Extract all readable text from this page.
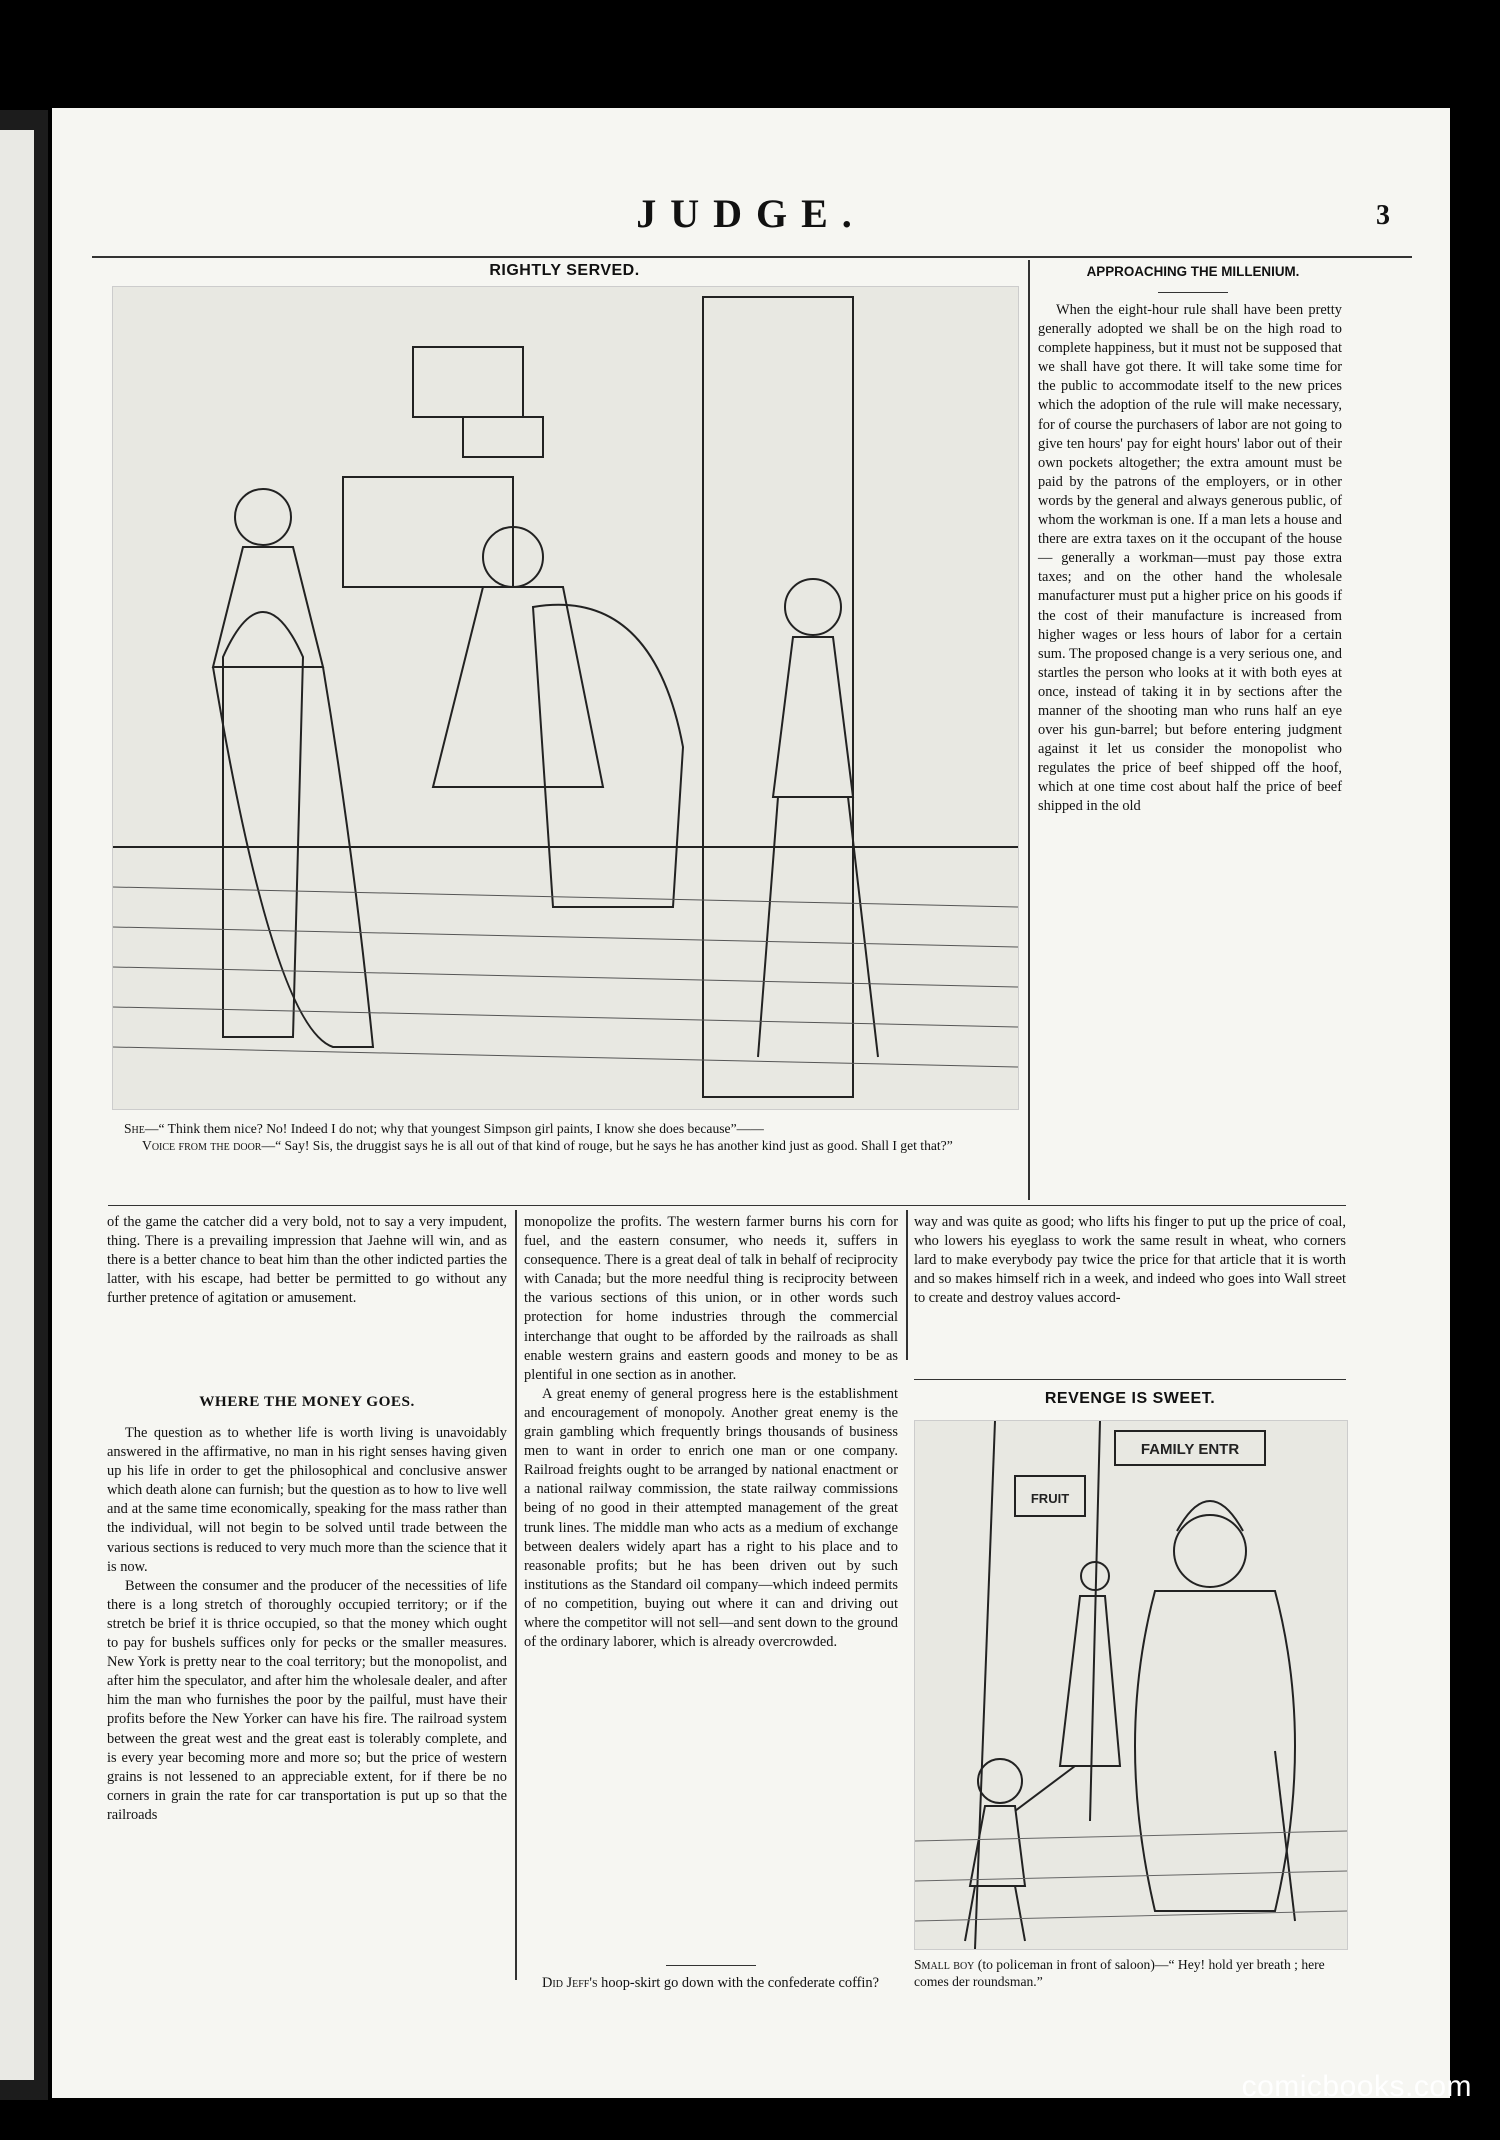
JUDGE.	3
RIGHTLY SERVED.

She—“ Think them nice? No! Indeed I do not; why that youngest Simpson girl paints, I know she does because”——

Voice from the door—“ Say! Sis, the druggist says he is all out of that kind of rouge, but he says he has another kind just as good. Shall I get that?”

APPROACHING THE MILLENIUM.

When the eight-hour rule shall have been pretty generally adopted we shall be on the high road to complete happiness, but it must not be supposed that we shall have got there. It will take some time for the public to accommodate itself to the new prices which the adoption of the rule will make necessary, for of course the purchasers of labor are not going to give ten hours' pay for eight hours' labor out of their own pockets altogether; the extra amount must be paid by the patrons of the employers, or in other words by the general and always generous public, of whom the workman is one. If a man lets a house and there are extra taxes on it the occupant of the house — generally a workman—must pay those extra taxes; and on the other hand the wholesale manufacturer must put a higher price on his goods if the cost of their manufacture is increased from higher wages or less hours of labor for a certain sum. The proposed change is a very serious one, and startles the person who looks at it with both eyes at once, instead of taking it in by sections after the manner of the shooting man who runs half an eye over his gun-barrel; but before entering judgment against it let us consider the monopolist who regulates the price of beef shipped off the hoof, which at one time cost about half the price of beef shipped in the old

of the game the catcher did a very bold, not to say a very impudent, thing. There is a prevailing impression that Jaehne will win, and as there is a better chance to beat him than the other indicted parties the latter, with his escape, had better be permitted to go without any further pretence of agitation or amusement.

WHERE THE MONEY GOES.

The question as to whether life is worth living is unavoidably answered in the affirmative, no man in his right senses having given up his life in order to get the philosophical and conclusive answer which death alone can furnish; but the question as to how to live well and at the same time economically, speaking for the mass rather than the individual, will not begin to be solved until trade between the various sections is reduced to very much more than the science that it is now.

Between the consumer and the producer of the necessities of life there is a long stretch of thoroughly occupied territory; or if the stretch be brief it is thrice occupied, so that the money which ought to pay for bushels suffices only for pecks or the smaller measures. New York is pretty near to the coal territory; but the monopolist, and after him the speculator, and after him the wholesale dealer, and after him the man who furnishes the poor by the pailful, must have their profits before the New Yorker can have his fire. The railroad system between the great west and the great east is tolerably complete, and is every year becoming more and more so; but the price of western grains is not lessened to an appreciable extent, for if there be no corners in grain the rate for car transportation is put up so that the railroads

monopolize the profits. The western farmer burns his corn for fuel, and the eastern consumer, who needs it, suffers in consequence. There is a great deal of talk in behalf of reciprocity with Canada; but the more needful thing is reciprocity between the various sections of this union, or in other words such protection for home industries through the commercial interchange that ought to be afforded by the railroads as shall enable western grains and eastern goods and money to be as plentiful in one section as in another.

A great enemy of general progress here is the establishment and encouragement of monopoly. Another great enemy is the grain gambling which frequently brings thousands of business men to want in order to enrich one man or one company. Railroad freights ought to be arranged by national enactment or a national railway commission, the state railway commissions being of no good in their attempted management of the great trunk lines. The middle man who acts as a medium of exchange between dealers widely apart has a right to his place and to reasonable profits; but he has been driven out by such institutions as the Standard oil company—which indeed permits of no competition, buying out where it can and driving out where the competitor will not sell—and sent down to the ground of the ordinary laborer, which is already overcrowded.

Did Jeff's hoop-skirt go down with the confederate coffin?

way and was quite as good; who lifts his finger to put up the price of coal, who lowers his eyeglass to work the same result in wheat, who corners lard to make everybody pay twice the price for that article that it is worth and so makes himself rich in a week, and indeed who goes into Wall street to create and destroy values accord-

REVENGE IS SWEET.
FAMILY ENTR
FRUIT

Small boy (to policeman in front of saloon)—“ Hey! hold yer breath ; here comes der roundsman.”

comicbooks.com
